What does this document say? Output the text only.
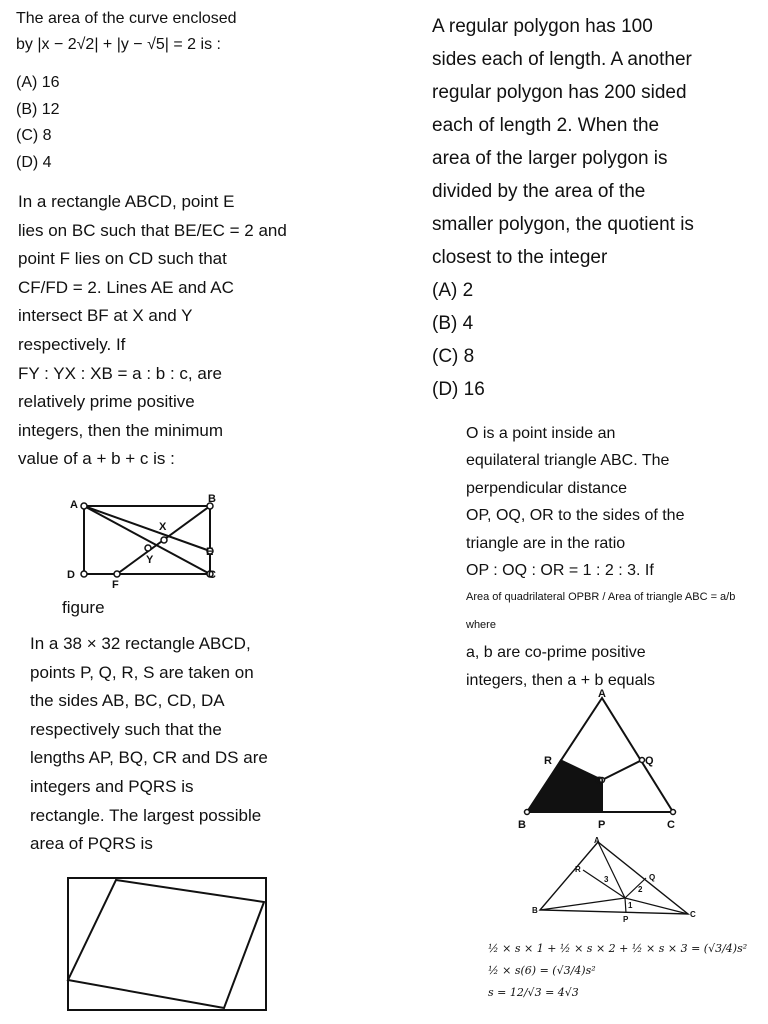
The area of the curve enclosed

by |x − 2√2| + |y − √5| = 2 is :

(A) 16

(B) 12

(C) 8

(D) 4

In a rectangle ABCD, point E

lies on BC such that BE/EC = 2 and

point F lies on CD such that

CF/FD = 2. Lines AE and AC

intersect BF at X and Y

respectively. If

FY : YX : XB = a : b : c, are

relatively prime positive

integers, then the minimum

value of a + b + c is :

A	B
C
D
E
F
X
Y

figure

In a 38 × 32 rectangle ABCD,

points P, Q, R, S are taken on

the sides AB, BC, CD, DA

respectively such that the

lengths AP, BQ, CR and DS are

integers and PQRS is

rectangle. The largest possible

area of PQRS is

A regular polygon has 100

sides each of length. A another

regular polygon has 200 sided

each of length 2. When the

area of the larger polygon is

divided by the area of the

smaller polygon, the quotient is

closest to the integer

(A) 2

(B) 4

(C) 8

(D) 16

O is a point inside an

equilateral triangle ABC. The

perpendicular distance

OP, OQ, OR to the sides of the

triangle are in the ratio

OP : OQ : OR = 1 : 2 : 3. If

Area of quadrilateral OPBR / Area of triangle ABC = a/b where

a, b are co-prime positive

integers, then a + b equals

A
B	C
P
Q
R
O
A
B	C
R
Q
P
1
2
3

½ × s × 1 + ½ × s × 2 + ½ × s × 3 = (√3/4)s²

½ × s(6) = (√3/4)s²

s = 12/√3 = 4√3
